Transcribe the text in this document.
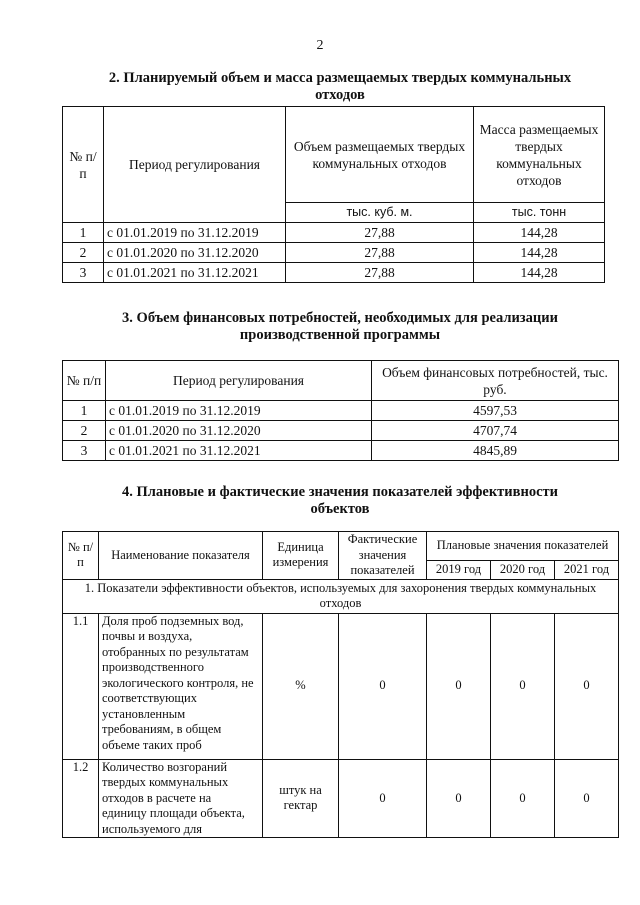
2
2. Планируемый объем и масса размещаемых твердых коммунальных
отходов
№ п/п	Период регулирования	Объем размещаемых твердых коммунальных отходов	Масса размещаемых твердых коммунальных отходов
		тыс. куб. м.	тыс. тонн
1	с 01.01.2019 по 31.12.2019	27,88	144,28
2	с 01.01.2020 по 31.12.2020	27,88	144,28
3	с 01.01.2021 по 31.12.2021	27,88	144,28
3. Объем финансовых потребностей, необходимых для реализации
производственной программы
№ п/п	Период регулирования	Объем финансовых потребностей, тыс. руб.
1	с 01.01.2019 по 31.12.2019	4597,53
2	с 01.01.2020 по 31.12.2020	4707,74
3	с 01.01.2021 по 31.12.2021	4845,89
4. Плановые и фактические значения показателей эффективности
объектов
№ п/п	Наименование показателя	Единица измерения	Фактические значения показателей	Плановые значения показателей		
				2019 год	2020 год	2021 год
1. Показатели эффективности объектов, используемых для захоронения твердых коммунальных отходов						
1.1	Доля проб подземных вод, почвы и воздуха, отобранных по результатам производственного экологического контроля, не соответствующих установленным требованиям, в общем объеме таких проб	%	0	0	0	0
1.2	Количество возгораний твердых коммунальных отходов в расчете на единицу площади объекта, используемого для	штук на гектар	0	0	0	0
